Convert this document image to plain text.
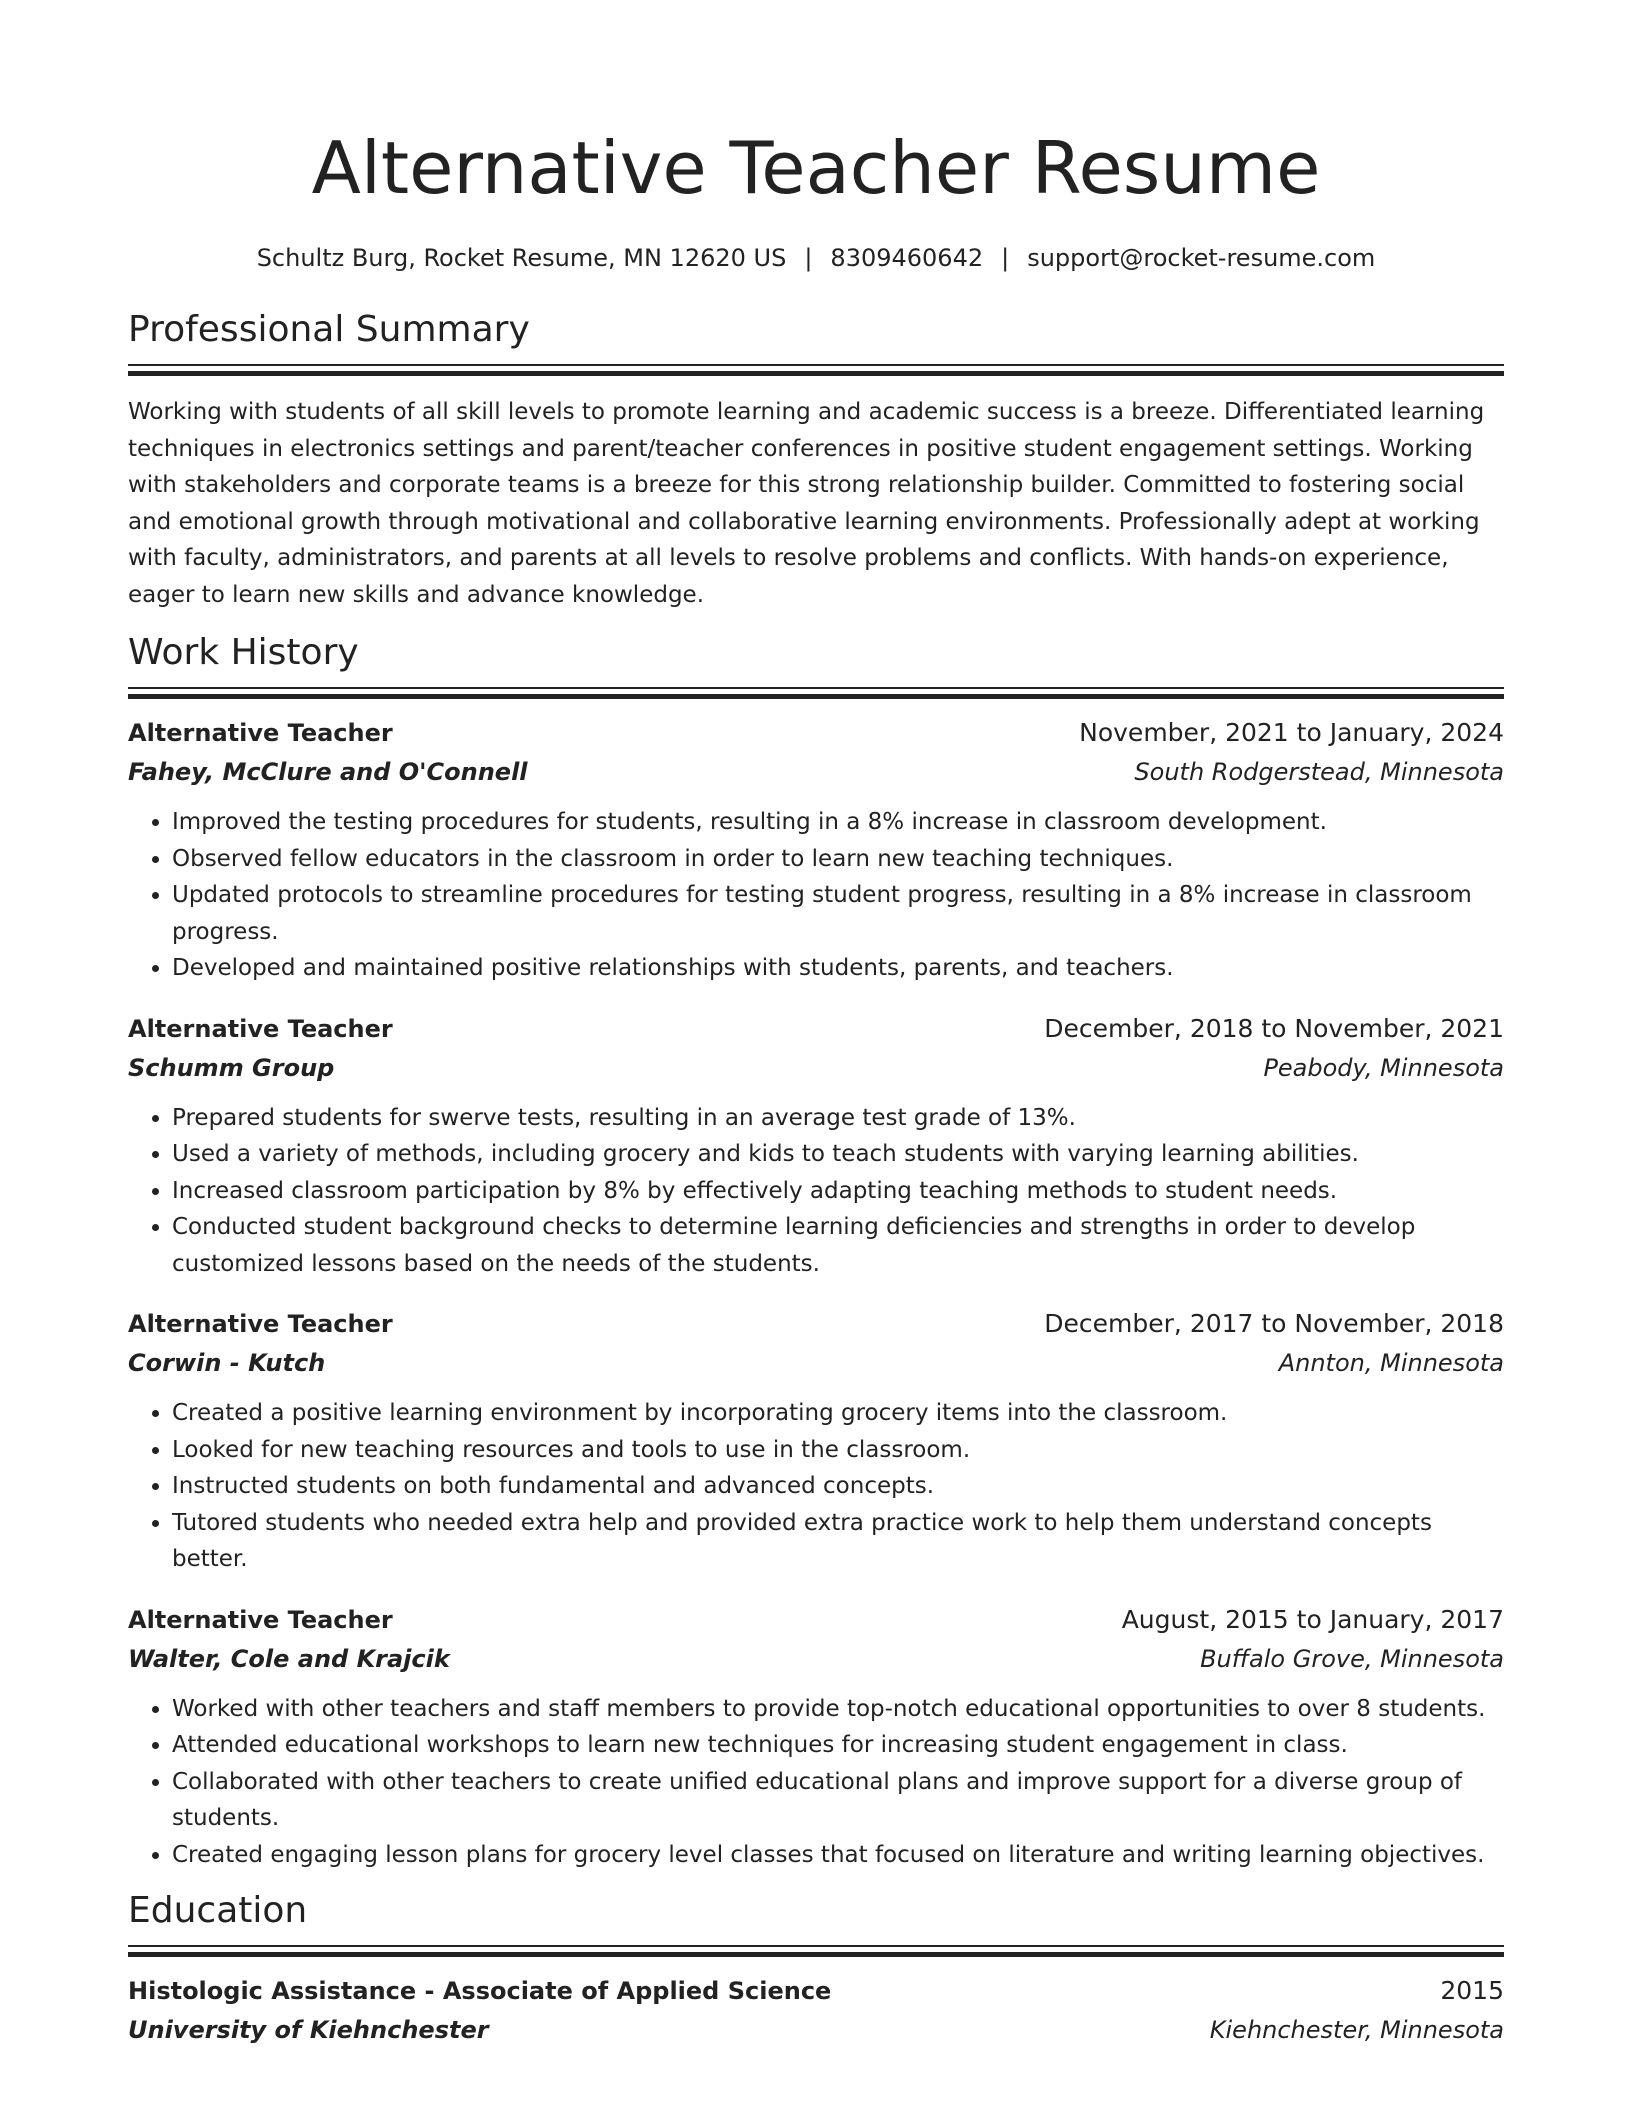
Alternative Teacher Resume
Schultz Burg, Rocket Resume, MN 12620 US | 8309460642 | support@rocket-resume.com
Professional Summary

Working with students of all skill levels to promote learning and academic success is a breeze. Differentiated learning techniques in electronics settings and parent/teacher conferences in positive student engagement settings. Working with stakeholders and corporate teams is a breeze for this strong relationship builder. Committed to fostering social and emotional growth through motivational and collaborative learning environments. Professionally adept at working with faculty, administrators, and parents at all levels to resolve problems and conflicts. With hands-on experience, eager to learn new skills and advance knowledge.

Work History
Alternative Teacher	November, 2021 to January, 2024
Fahey, McClure and O'Connell	South Rodgerstead, Minnesota
• Improved the testing procedures for students, resulting in a 8% increase in classroom development.
• Observed fellow educators in the classroom in order to learn new teaching techniques.
• Updated protocols to streamline procedures for testing student progress, resulting in a 8% increase in classroom progress.
• Developed and maintained positive relationships with students, parents, and teachers.
Alternative Teacher	December, 2018 to November, 2021
Schumm Group	Peabody, Minnesota
• Prepared students for swerve tests, resulting in an average test grade of 13%.
• Used a variety of methods, including grocery and kids to teach students with varying learning abilities.
• Increased classroom participation by 8% by effectively adapting teaching methods to student needs.
• Conducted student background checks to determine learning deficiencies and strengths in order to develop customized lessons based on the needs of the students.
Alternative Teacher	December, 2017 to November, 2018
Corwin - Kutch	Annton, Minnesota
• Created a positive learning environment by incorporating grocery items into the classroom.
• Looked for new teaching resources and tools to use in the classroom.
• Instructed students on both fundamental and advanced concepts.
• Tutored students who needed extra help and provided extra practice work to help them understand concepts better.
Alternative Teacher	August, 2015 to January, 2017
Walter, Cole and Krajcik	Buffalo Grove, Minnesota
• Worked with other teachers and staff members to provide top-notch educational opportunities to over 8 students.
• Attended educational workshops to learn new techniques for increasing student engagement in class.
• Collaborated with other teachers to create unified educational plans and improve support for a diverse group of students.
• Created engaging lesson plans for grocery level classes that focused on literature and writing learning objectives.
Education
Histologic Assistance - Associate of Applied Science	2015
University of Kiehnchester	Kiehnchester, Minnesota
